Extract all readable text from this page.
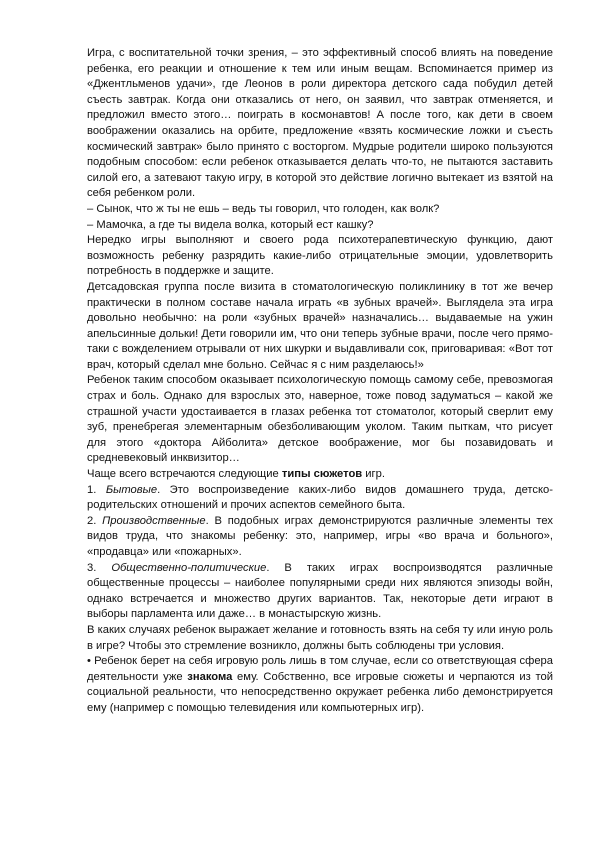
Игра, с воспитательной точки зрения, – это эффективный способ влиять на поведение ребенка, его реакции и отношение к тем или иным вещам. Вспоминается пример из «Джентльменов удачи», где Леонов в роли директора детского сада побудил детей съесть завтрак. Когда они отказались от него, он заявил, что завтрак отменяется, и предложил вместо этого… поиграть в космонавтов! А после того, как дети в своем воображении оказались на орбите, предложение «взять космические ложки и съесть космический завтрак» было принято с восторгом. Мудрые родители широко пользуются подобным способом: если ребенок отказывается делать что-то, не пытаются заставить силой его, а затевают такую игру, в которой это действие логично вытекает из взятой на себя ребенком роли.

– Сынок, что ж ты не ешь – ведь ты говорил, что голоден, как волк?

– Мамочка, а где ты видела волка, который ест кашку?

Нередко игры выполняют и своего рода психотерапевтическую функцию, дают возможность ребенку разрядить какие-либо отрицательные эмоции, удовлетворить потребность в поддержке и защите.

Детсадовская группа после визита в стоматологическую поликлинику в тот же вечер практически в полном составе начала играть «в зубных врачей». Выглядела эта игра довольно необычно: на роли «зубных врачей» назначались… выдаваемые на ужин апельсинные дольки! Дети говорили им, что они теперь зубные врачи, после чего прямо-таки с вожделением отрывали от них шкурки и выдавливали сок, приговаривая: «Вот тот врач, который сделал мне больно. Сейчас я с ним разделаюсь!»

Ребенок таким способом оказывает психологическую помощь самому себе, превозмогая страх и боль. Однако для взрослых это, наверное, тоже повод задуматься – какой же страшной участи удостаивается в глазах ребенка тот стоматолог, который сверлит ему зуб, пренебрегая элементарным обезболивающим уколом. Таким пыткам, что рисует для этого «доктора Айболита» детское воображение, мог бы позавидовать и средневековый инквизитор…

Чаще всего встречаются следующие типы сюжетов игр.

1. Бытовые. Это воспроизведение каких-либо видов домашнего труда, детско-родительских отношений и прочих аспектов семейного быта.

2. Производственные. В подобных играх демонстрируются различные элементы тех видов труда, что знакомы ребенку: это, например, игры «во врача и больного», «продавца» или «пожарных».

3. Общественно-политические. В таких играх воспроизводятся различные общественные процессы – наиболее популярными среди них являются эпизоды войн, однако встречается и множество других вариантов. Так, некоторые дети играют в выборы парламента или даже… в монастырскую жизнь.

В каких случаях ребенок выражает желание и готовность взять на себя ту или иную роль в игре? Чтобы это стремление возникло, должны быть соблюдены три условия.

• Ребенок берет на себя игровую роль лишь в том случае, если со ответствующая сфера деятельности уже знакома ему. Собственно, все игровые сюжеты и черпаются из той социальной реальности, что непосредственно окружает ребенка либо демонстрируется ему (например с помощью телевидения или компьютерных игр).
